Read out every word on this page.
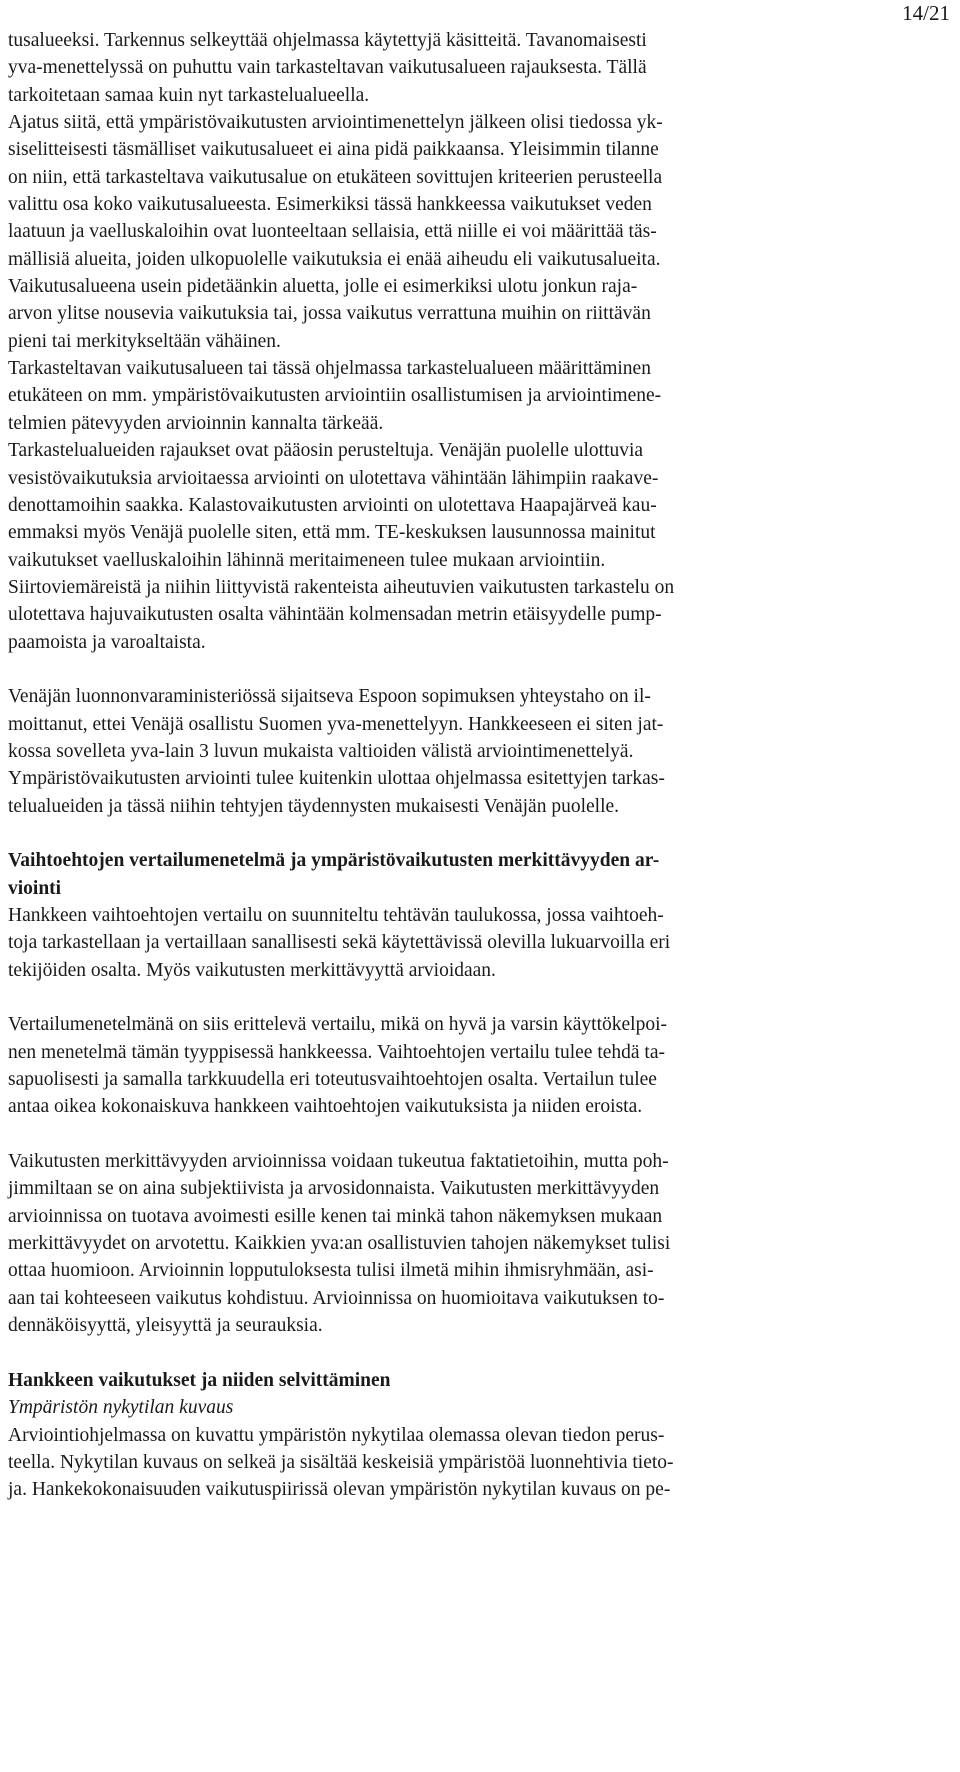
14/21
tusalueeksi. Tarkennus selkeyttää ohjelmassa käytettyjä käsitteitä. Tavanomaisesti
yva-menettelyssä on puhuttu vain tarkasteltavan vaikutusalueen rajauksesta. Tällä
tarkoitetaan samaa kuin nyt tarkastelualueella.
Ajatus siitä, että ympäristövaikutusten arviointimenettelyn jälkeen olisi tiedossa yk-
siselitteisesti täsmälliset vaikutusalueet ei aina pidä paikkaansa. Yleisimmin tilanne
on niin, että tarkasteltava vaikutusalue on etukäteen sovittujen kriteerien perusteella
valittu osa koko vaikutusalueesta. Esimerkiksi tässä hankkeessa vaikutukset veden
laatuun ja vaelluskaloihin ovat luonteeltaan sellaisia, että niille ei voi määrittää täs-
mällisiä alueita, joiden ulkopuolelle vaikutuksia ei enää aiheudu eli vaikutusalueita.
Vaikutusalueena usein pidetäänkin aluetta, jolle ei esimerkiksi ulotu jonkun raja-
arvon ylitse nousevia vaikutuksia tai, jossa vaikutus verrattuna muihin on riittävän
pieni tai merkitykseltään vähäinen.
Tarkasteltavan vaikutusalueen tai tässä ohjelmassa tarkastelualueen määrittäminen
etukäteen on mm. ympäristövaikutusten arviointiin osallistumisen ja arviointimene-
telmien pätevyyden arvioinnin kannalta tärkeää.
Tarkastelualueiden rajaukset ovat pääosin perusteltuja. Venäjän puolelle ulottuvia
vesistövaikutuksia arvioitaessa arviointi on ulotettava vähintään lähimpiin raakave-
denottamoihin saakka. Kalastovaikutusten arviointi on ulotettava Haapajärveä kau-
emmaksi myös Venäjä puolelle siten, että mm. TE-keskuksen lausunnossa mainitut
vaikutukset vaelluskaloihin lähinnä meritaimeneen tulee mukaan arviointiin.
Siirtoviemäreistä ja niihin liittyvistä rakenteista aiheutuvien vaikutusten tarkastelu on
ulotettava hajuvaikutusten osalta vähintään kolmensadan metrin etäisyydelle pump-
paamoista ja varoaltaista.
Venäjän luonnonvaraministeriössä sijaitseva Espoon sopimuksen yhteystaho on il-
moittanut, ettei Venäjä osallistu Suomen yva-menettelyyn. Hankkeeseen ei siten jat-
kossa sovelleta yva-lain 3 luvun mukaista valtioiden välistä arviointimenettelyä.
Ympäristövaikutusten arviointi tulee kuitenkin ulottaa ohjelmassa esitettyjen tarkas-
telualueiden ja tässä niihin tehtyjen täydennysten mukaisesti Venäjän puolelle.
Vaihtoehtojen vertailumenetelmä ja ympäristövaikutusten merkittävyyden ar-
viointi
Hankkeen vaihtoehtojen vertailu on suunniteltu tehtävän taulukossa, jossa vaihtoeh-
toja tarkastellaan ja vertaillaan sanallisesti sekä käytettävissä olevilla lukuarvoilla eri
tekijöiden osalta. Myös vaikutusten merkittävyyttä arvioidaan.
Vertailumenetelmänä on siis erittelevä vertailu, mikä on hyvä ja varsin käyttökelpoi-
nen menetelmä tämän tyyppisessä hankkeessa. Vaihtoehtojen vertailu tulee tehdä ta-
sapuolisesti ja samalla tarkkuudella eri toteutusvaihtoehtojen osalta. Vertailun tulee
antaa oikea kokonaiskuva hankkeen vaihtoehtojen vaikutuksista ja niiden eroista.
Vaikutusten merkittävyyden arvioinnissa voidaan tukeutua faktatietoihin, mutta poh-
jimmiltaan se on aina subjektiivista ja arvosidonnaista. Vaikutusten merkittävyyden
arvioinnissa on tuotava avoimesti esille kenen tai minkä tahon näkemyksen mukaan
merkittävyydet on arvotettu. Kaikkien yva:an osallistuvien tahojen näkemykset tulisi
ottaa huomioon. Arvioinnin lopputuloksesta tulisi ilmetä mihin ihmisryhmään, asi-
aan tai kohteeseen vaikutus kohdistuu. Arvioinnissa on huomioitava vaikutuksen to-
dennäköisyyttä, yleisyyttä ja seurauksia.
Hankkeen vaikutukset ja niiden selvittäminen
Ympäristön nykytilan kuvaus
Arviointiohjelmassa on kuvattu ympäristön nykytilaa olemassa olevan tiedon perus-
teella. Nykytilan kuvaus on selkeä ja sisältää keskeisiä ympäristöä luonnehtivia tieto-
ja. Hankekokonaisuuden vaikutuspiirissä olevan ympäristön nykytilan kuvaus on pe-
